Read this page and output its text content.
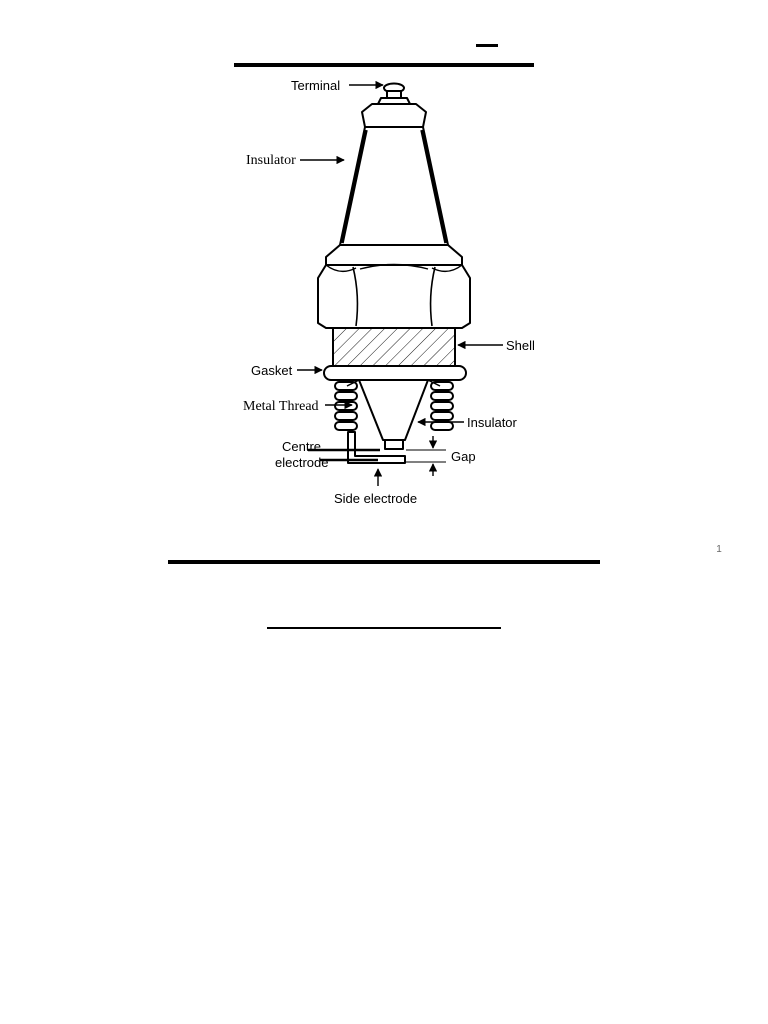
1
Terminal
Insulator
Shell
Gasket
Metal Thread
Insulator
Centre
electrode	Gap
Side electrode
